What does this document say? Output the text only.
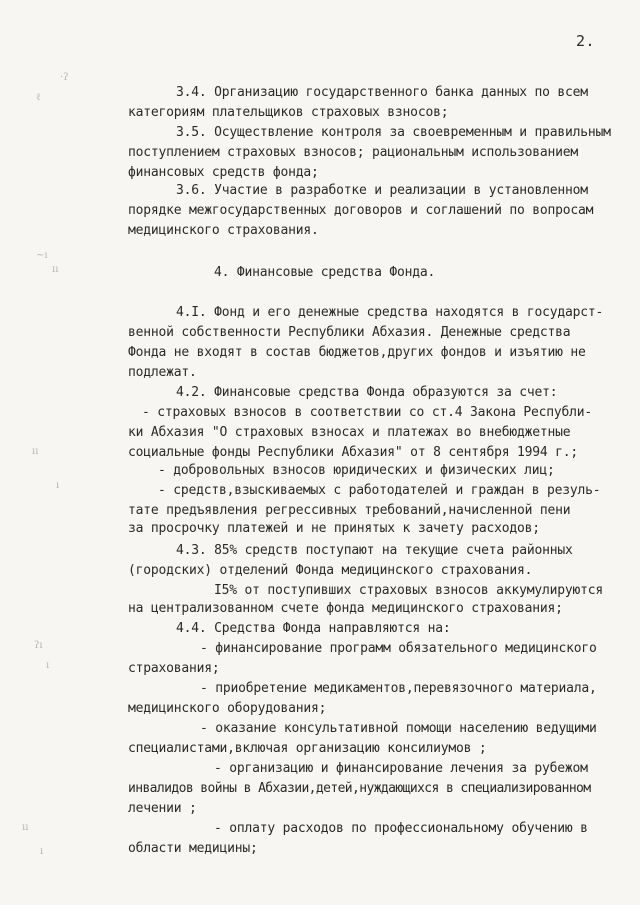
2.
·ʔ
ℓ
~ı
ıı
ıı
ı
ʔı
ı
ıı
ı
3.4. Организацию государственного банка данных по всем
категориям плательщиков страховых взносов;
3.5. Осуществление контроля за своевременным и правильным
поступлением страховых взносов; рациональным использованием
финансовых средств фонда;
3.6. Участие в разработке и реализации в установленном
порядке межгосударственных договоров и соглашений по вопросам
медицинского страхования.
4. Финансовые средства Фонда.
4.I. Фонд и его денежные средства находятся в государст-
венной собственности Республики Абхазия. Денежные средства
Фонда не входят в состав бюджетов,других фондов и изъятию не
подлежат.
4.2. Финансовые средства Фонда образуются за счет:
- страховых взносов в соответствии со ст.4 Закона Республи-
ки Абхазия "О страховых взносах и платежах во внебюджетные
социальные фонды Республики Абхазия" от 8 сентября 1994 г.;
- добровольных взносов юридических и физических лиц;
- средств,взыскиваемых с работодателей и граждан в резуль-
тате предъявления регрессивных требований,начисленной пени
за просрочку платежей и не принятых к зачету расходов;
4.3. 85% средств поступают на текущие счета районных
(городских) отделений Фонда медицинского страхования.
I5% от поступивших страховых взносов аккумулируются
на централизованном счете фонда медицинского страхования;
4.4. Средства Фонда направляются на:
- финансирование программ обязательного медицинского
страхования;
- приобретение медикаментов,перевязочного материала,
медицинского оборудования;
- оказание консультативной помощи населению ведущими
специалистами,включая организацию консилиумов ;
- организацию и финансирование лечения за рубежом
инвалидов войны в Абхазии,детей,нуждающихся в специализированном
лечении ;
- оплату расходов по профессиональному обучению в
области медицины;
